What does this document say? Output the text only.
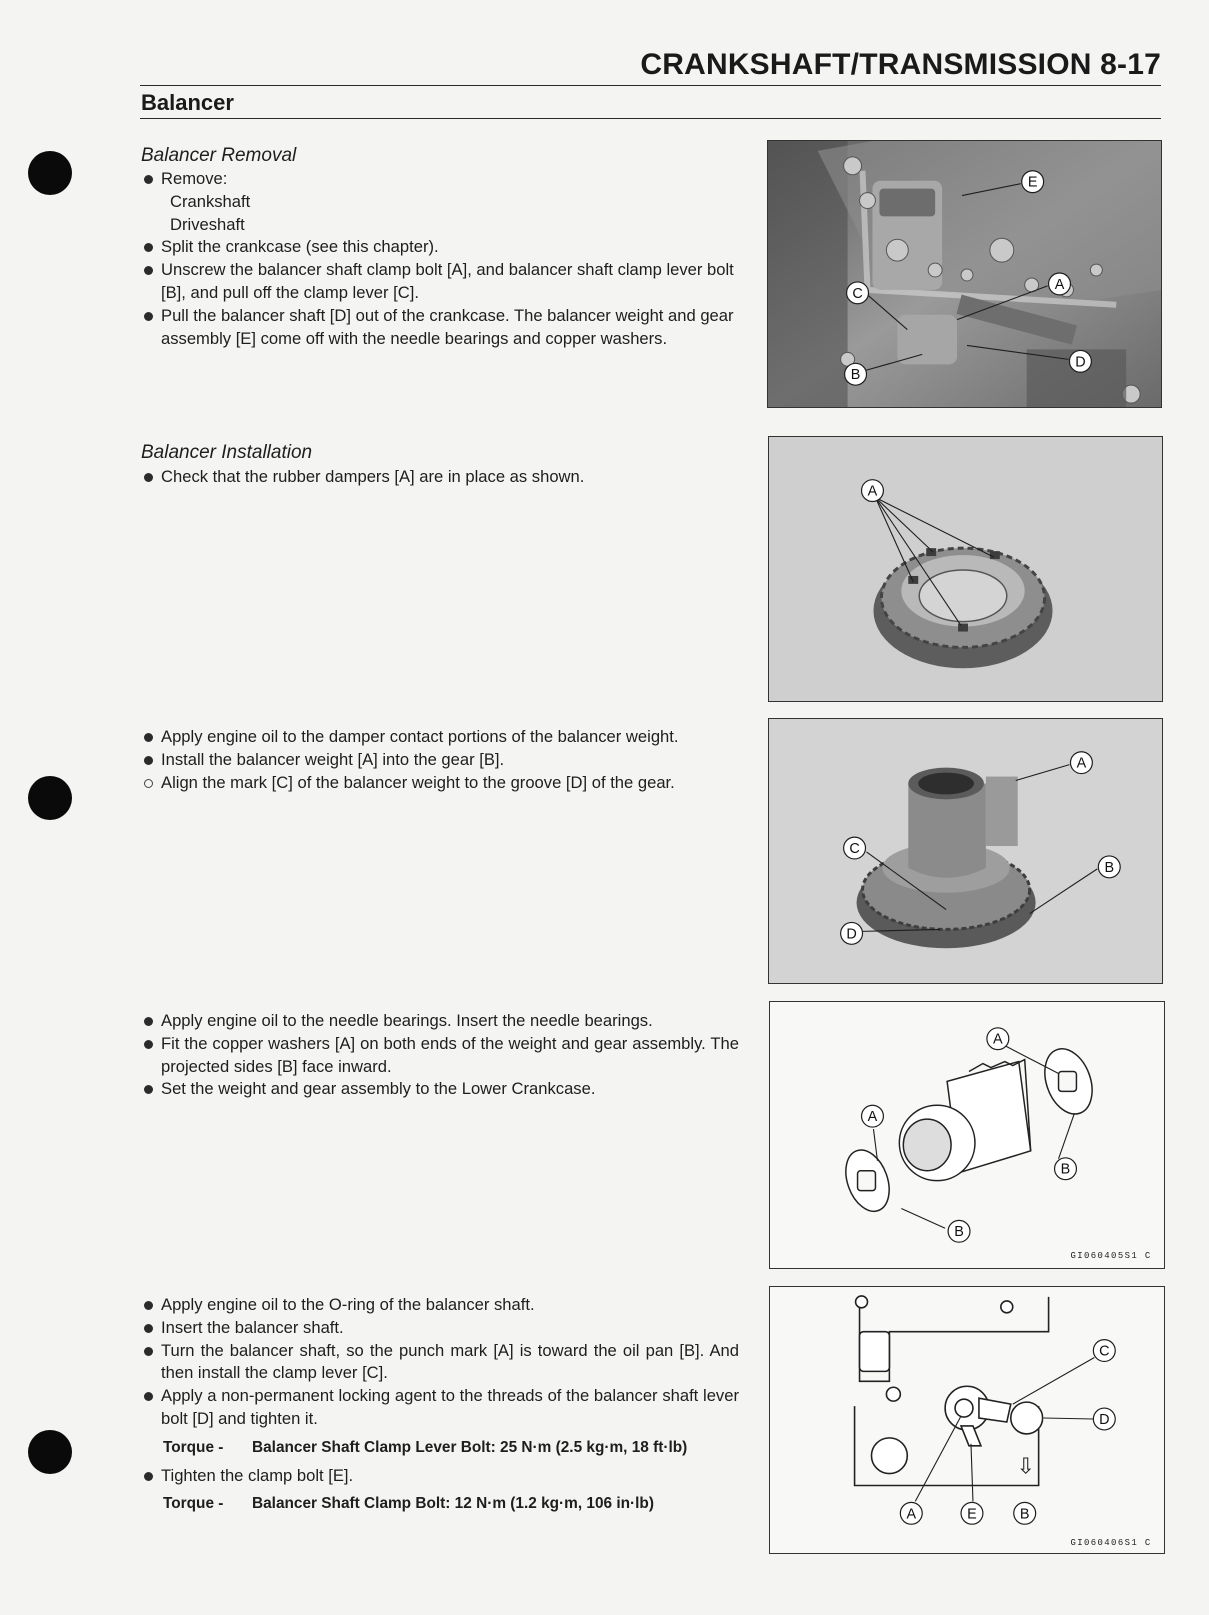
CRANKSHAFT/TRANSMISSION 8-17
Balancer
Balancer Removal
Remove:
Crankshaft
Driveshaft
Split the crankcase (see this chapter).
Unscrew the balancer shaft clamp bolt [A], and balancer shaft clamp lever bolt [B], and pull off the clamp lever [C].
Pull the balancer shaft [D] out of the crankcase. The balancer weight and gear assembly [E] come off with the needle bearings and copper washers.
Balancer Installation
Check that the rubber dampers [A] are in place as shown.
Apply engine oil to the damper contact portions of the balancer weight.
Install the balancer weight [A] into the gear [B].
Align the mark [C] of the balancer weight to the groove [D] of the gear.
Apply engine oil to the needle bearings. Insert the needle bearings.
Fit the copper washers [A] on both ends of the weight and gear assembly. The projected sides [B] face inward.
Set the weight and gear assembly to the Lower Crankcase.
Apply engine oil to the O-ring of the balancer shaft.
Insert the balancer shaft.
Turn the balancer shaft, so the punch mark [A] is toward the oil pan [B]. And then install the clamp lever [C].
Apply a non-permanent locking agent to the threads of the balancer shaft lever bolt [D] and tighten it.
Torque -	Balancer Shaft Clamp Lever Bolt: 25 N·m (2.5 kg·m, 18 ft·lb)
Tighten the clamp bolt [E].
Torque -	Balancer Shaft Clamp Bolt: 12 N·m (1.2 kg·m, 106 in·lb)
E
A
C
B
D
A
A
B
C
D
A
A
B
B
GI060405S1 C
⇩
C
D
A	E	B
GI060406S1 C
